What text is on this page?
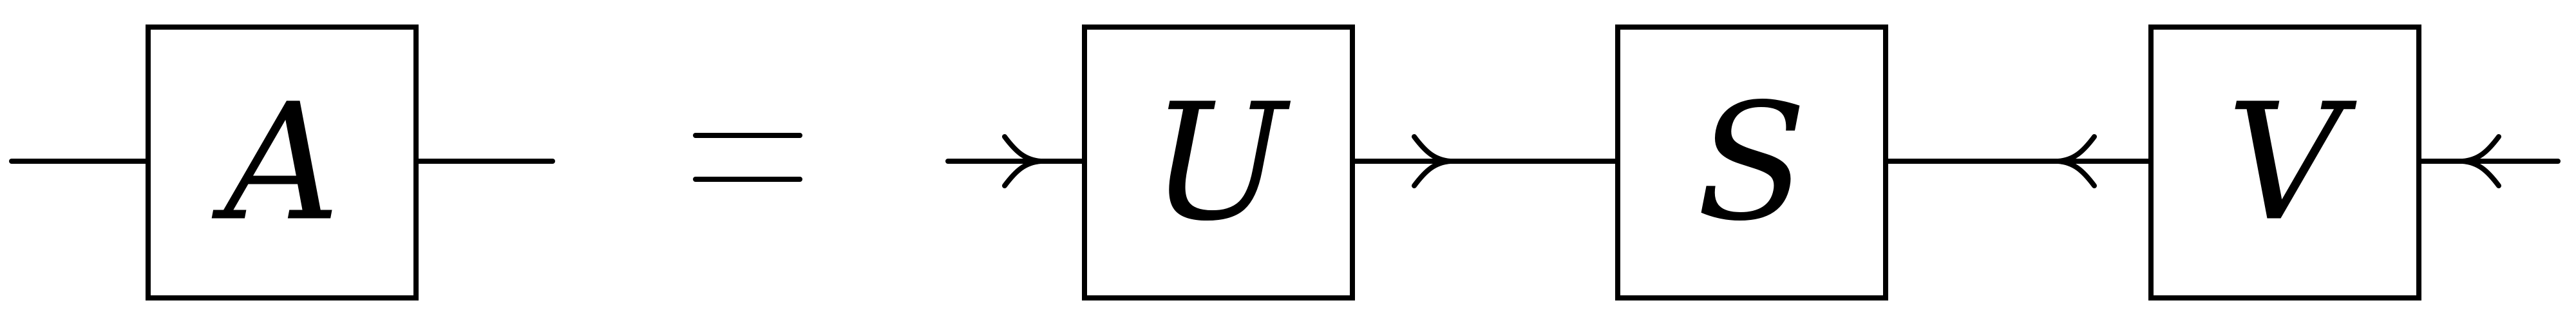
A	U	S	V
